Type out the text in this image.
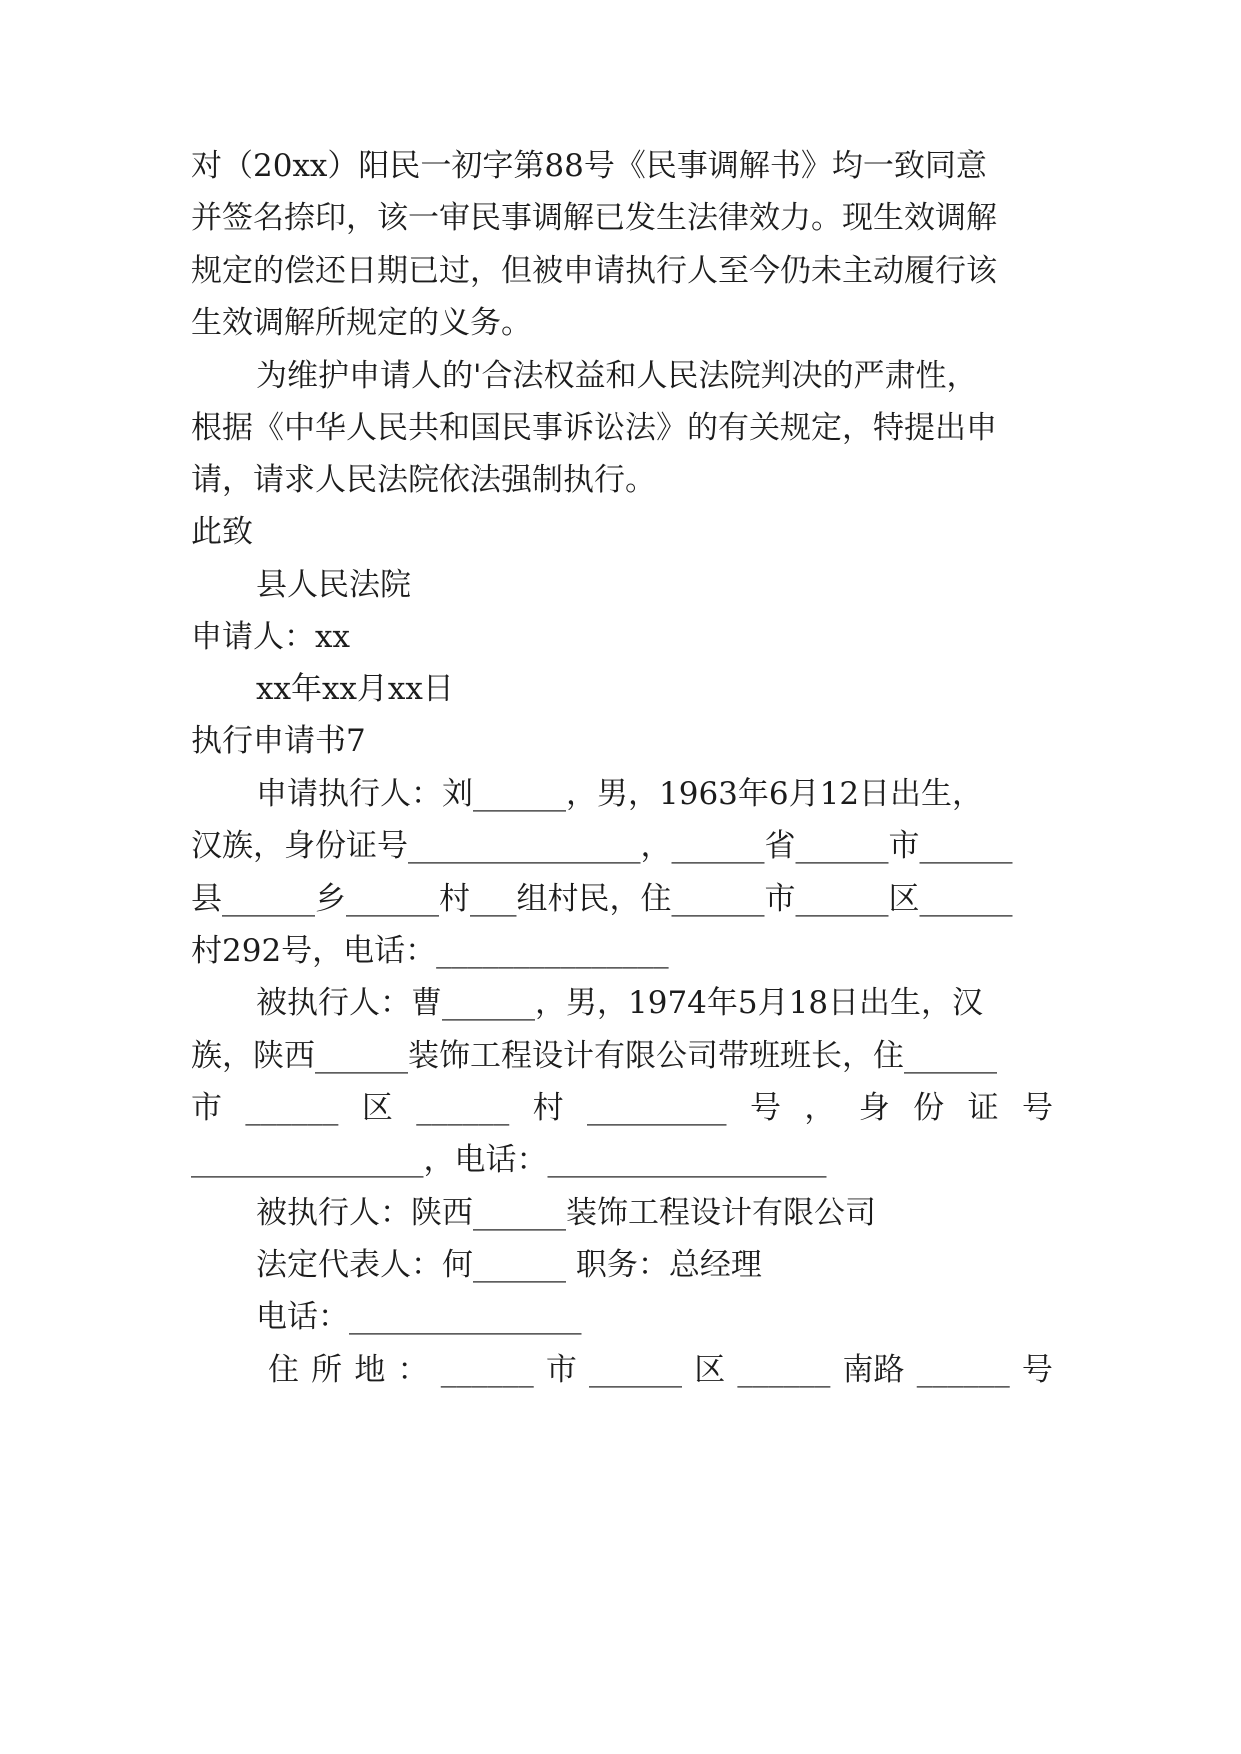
对（20xx）阳民一初字第88号《民事调解书》均一致同意
并签名捺印，该一审民事调解已发生法律效力。现生效调解
规定的偿还日期已过，但被申请执行人至今仍未主动履行该
生效调解所规定的义务。
为维护申请人的'合法权益和人民法院判决的严肃性，
根据《中华人民共和国民事诉讼法》的有关规定，特提出申
请，请求人民法院依法强制执行。
此致
县人民法院
申请人：xx
xx年xx月xx日
执行申请书7
申请执行人：刘______，男，1963年6月12日出生，
汉族，身份证号_______________，______省______市______
县______乡______村___组村民，住______市______区______
村292号，电话：_______________
被执行人：曹______，男，1974年5月18日出生，汉
族，陕西______装饰工程设计有限公司带班班长，住______
市 ______ 区 ______ 村 _________ 号 ， 身 份 证 号
_______________，电话：__________________
被执行人：陕西______装饰工程设计有限公司
法定代表人：何______ 职务：总经理
电话：_______________
住 所 地 ： ______ 市 ______ 区 ______ 南路 ______ 号
